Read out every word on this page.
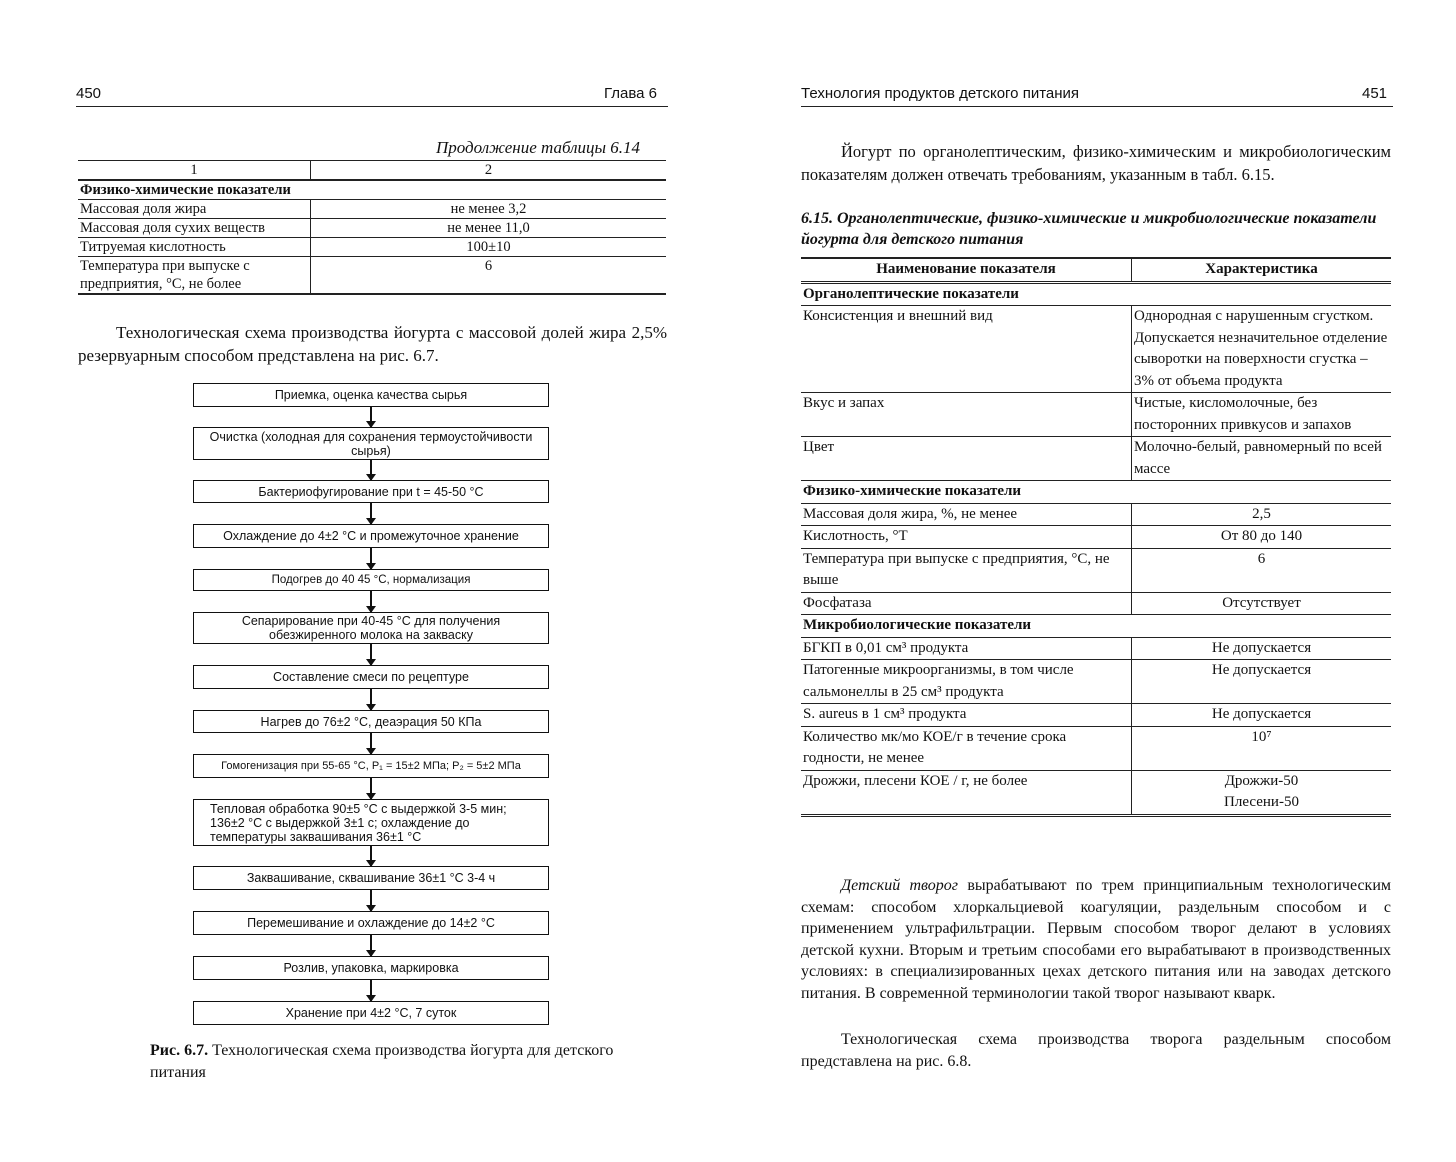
450	Глава 6
Продолжение таблицы 6.14
1	2
Физико-химические показатели	
Массовая доля жира	не менее 3,2
Массовая доля сухих веществ	не менее 11,0
Титруемая кислотность	100±10
Температура при выпуске с предприятия, °С, не более	6

Технологическая схема производства йогурта с массовой долей жира 2,5% резервуарным способом представлена на рис. 6.7.

Приемка, оценка качества сырья
Очистка (холодная для сохранения термоустойчивости сырья)
Бактериофугирование при t = 45-50 °С
Охлаждение до 4±2 °С и промежуточное хранение
Подогрев до 40 45 °С, нормализация
Сепарирование при 40-45 °С для получения обезжиренного молока на закваску
Составление смеси по рецептуре
Нагрев до 76±2 °С, деаэрация 50 КПа
Гомогенизация при 55-65 °С, P₁ = 15±2 МПа; P₂ = 5±2 МПа
Тепловая обработка 90±5 °С с выдержкой 3-5 мин; 136±2 °С с выдержкой 3±1 с; охлаждение до температуры заквашивания 36±1 °С
Заквашивание, сквашивание 36±1 °С 3-4 ч
Перемешивание и охлаждение до 14±2 °С
Розлив, упаковка, маркировка
Хранение при 4±2 °С, 7 суток
Рис. 6.7. Технологическая схема производства йогурта для детского питания
Технология продуктов детского питания	451

Йогурт по органолептическим, физико-химическим и микробиологическим показателям должен отвечать требованиям, указанным в табл. 6.15.

6.15. Органолептические, физико-химические и микробиологические показатели йогурта для детского питания
Наименование показателя	Характеристика
Органолептические показатели	
Консистенция и внешний вид	Однородная с нарушенным сгустком. Допускается незначительное отделение сыворотки на поверхности сгустка – 3% от объема продукта
Вкус и запах	Чистые, кисломолочные, без посторонних привкусов и запахов
Цвет	Молочно-белый, равномерный по всей массе
Физико-химические показатели	
Массовая доля жира, %, не менее	2,5
Кислотность, °Т	От 80 до 140
Температура при выпуске с предприятия, °С, не выше	6
Фосфатаза	Отсутствует
Микробиологические показатели	
БГКП в 0,01 см³ продукта	Не допускается
Патогенные микроорганизмы, в том числе сальмонеллы в 25 см³ продукта	Не допускается
S. aureus в 1 см³ продукта	Не допускается
Количество мк/мо КОЕ/г в течение срока годности, не менее	10⁷
Дрожжи, плесени КОЕ / г, не более	Дрожжи-50
Плесени-50

Детский творог вырабатывают по трем принципиальным технологическим схемам: способом хлоркальциевой коагуляции, раздельным способом и с применением ультрафильтрации. Первым способом творог делают в условиях детской кухни. Вторым и третьим способами его вырабатывают в производственных условиях: в специализированных цехах детского питания или на заводах детского питания. В современной терминологии такой творог называют кварк.

Технологическая схема производства творога раздельным способом представлена на рис. 6.8.
